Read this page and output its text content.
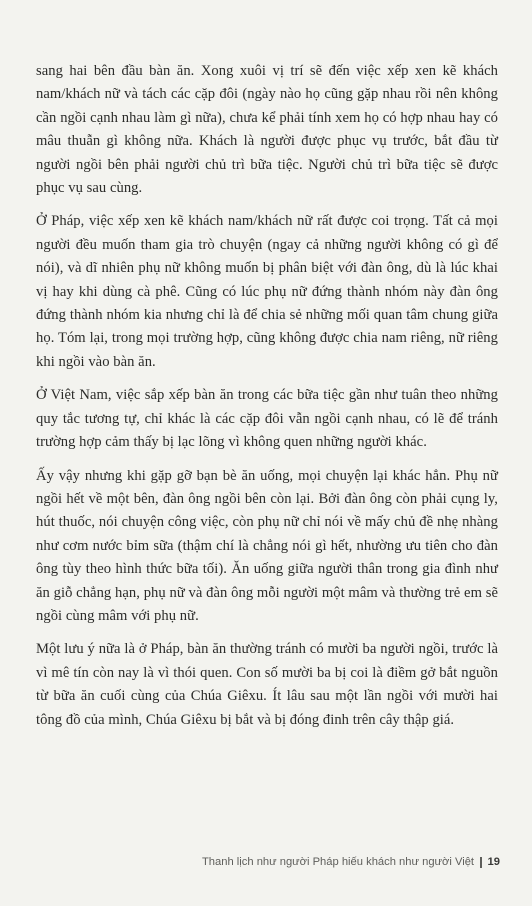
sang hai bên đầu bàn ăn. Xong xuôi vị trí sẽ đến việc xếp xen kẽ khách nam/khách nữ và tách các cặp đôi (ngày nào họ cũng gặp nhau rồi nên không cần ngồi cạnh nhau làm gì nữa), chưa kể phải tính xem họ có hợp nhau hay có mâu thuẫn gì không nữa. Khách là người được phục vụ trước, bắt đầu từ người ngồi bên phải người chủ trì bữa tiệc. Người chủ trì bữa tiệc sẽ được phục vụ sau cùng.

Ở Pháp, việc xếp xen kẽ khách nam/khách nữ rất được coi trọng. Tất cả mọi người đều muốn tham gia trò chuyện (ngay cả những người không có gì để nói), và dĩ nhiên phụ nữ không muốn bị phân biệt với đàn ông, dù là lúc khai vị hay khi dùng cà phê. Cũng có lúc phụ nữ đứng thành nhóm này đàn ông đứng thành nhóm kia nhưng chỉ là để chia sẻ những mối quan tâm chung giữa họ. Tóm lại, trong mọi trường hợp, cũng không được chia nam riêng, nữ riêng khi ngồi vào bàn ăn.

Ở Việt Nam, việc sắp xếp bàn ăn trong các bữa tiệc gần như tuân theo những quy tắc tương tự, chỉ khác là các cặp đôi vẫn ngồi cạnh nhau, có lẽ để tránh trường hợp cảm thấy bị lạc lõng vì không quen những người khác.

Ấy vậy nhưng khi gặp gỡ bạn bè ăn uống, mọi chuyện lại khác hẳn. Phụ nữ ngồi hết về một bên, đàn ông ngồi bên còn lại. Bởi đàn ông còn phải cụng ly, hút thuốc, nói chuyện công việc, còn phụ nữ chỉ nói về mấy chủ đề nhẹ nhàng như cơm nước bỉm sữa (thậm chí là chẳng nói gì hết, nhường ưu tiên cho đàn ông tùy theo hình thức bữa tối). Ăn uống giữa người thân trong gia đình như ăn giỗ chẳng hạn, phụ nữ và đàn ông mỗi người một mâm và thường trẻ em sẽ ngồi cùng mâm với phụ nữ.

Một lưu ý nữa là ở Pháp, bàn ăn thường tránh có mười ba người ngồi, trước là vì mê tín còn nay là vì thói quen. Con số mười ba bị coi là điềm gở bắt nguồn từ bữa ăn cuối cùng của Chúa Giêxu. Ít lâu sau một lần ngồi với mười hai tông đồ của mình, Chúa Giêxu bị bắt và bị đóng đinh trên cây thập giá.

Thanh lịch như người Pháp hiếu khách như người Việt 19
